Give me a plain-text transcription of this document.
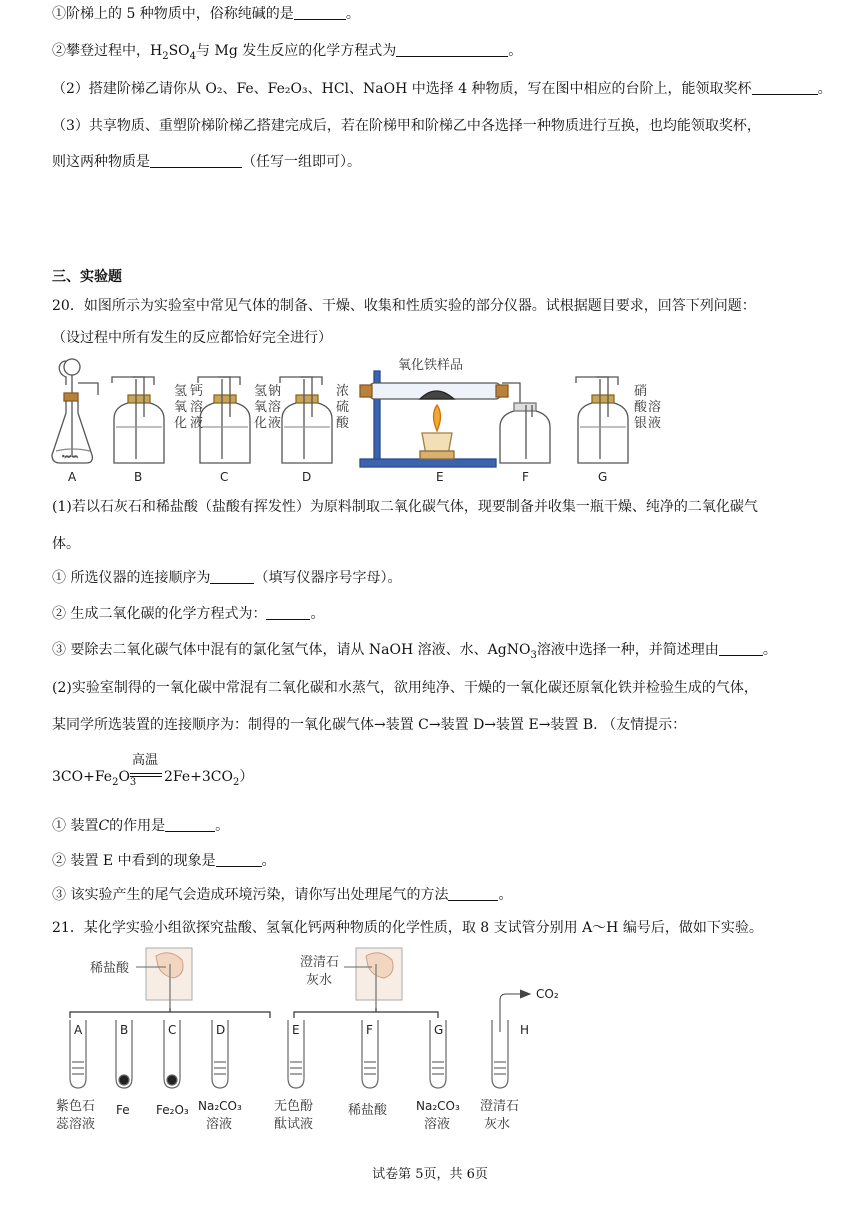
①阶梯上的 5 种物质中，俗称纯碱的是	。
②攀登过程中，$H_2SO_4$与 Mg 发生反应的化学方程式为	。
（2）搭建阶梯乙请你从 O₂、Fe、Fe₂O₃、HCl、NaOH 中选择 4 种物质，写在图中相应的台阶上，能领取奖杯	。
（3）共享物质、重塑阶梯阶梯乙搭建完成后，若在阶梯甲和阶梯乙中各选择一种物质进行互换，也均能领取奖杯，
则这两种物质是	（任写一组即可）。
三、实验题
20．如图所示为实验室中常见气体的制备、干燥、收集和性质实验的部分仪器。试根据题目要求，回答下列问题：
（设过程中所有发生的反应都恰好完全进行）
·~∽
氢
氧
化
钙
溶
液
氢
氧
化
钠
溶
液
浓
硫
酸
氧化铁样品
硝
酸
银
溶
液
A	B	C	D	E	F	G
(1)若以石灰石和稀盐酸（盐酸有挥发性）为原料制取二氧化碳气体，现要制备并收集一瓶干燥、纯净的二氧化碳气
体。
① 所选仪器的连接顺序为	（填写仪器序号字母）。
② 生成二氧化碳的化学方程式为：	。
③ 要除去二氧化碳气体中混有的氯化氢气体，请从 NaOH 溶液、水、AgNO$_3$溶液中选择一种，并简述理由	。
(2)实验室制得的一氧化碳中常混有二氧化碳和水蒸气，欲用纯净、干燥的一氧化碳还原氧化铁并检验生成的气体，
某同学所选装置的连接顺序为：制得的一氧化碳气体→装置 C→装置 D→装置 E→装置 B. （友情提示：
$3CO+Fe_2O_3$
高温
$2Fe+3CO_2$）
① 装置C的作用是	。
② 装置 E 中看到的现象是	。
③ 该实验产生的尾气会造成环境污染，请你写出处理尾气的方法	。
21．某化学实验小组欲探究盐酸、氢氧化钙两种物质的化学性质，取 8 支试管分别用 A～H 编号后，做如下实验。
稀盐酸	澄清石
灰水
CO₂
A	B	C	D	E	F	G	H
紫色石
蕊溶液
Fe Fe₂O₃ Na₂CO₃
溶液
无色酚
酞试液
稀盐酸 Na₂CO₃
溶液
澄清石
灰水
试卷第 5页，共 6页
